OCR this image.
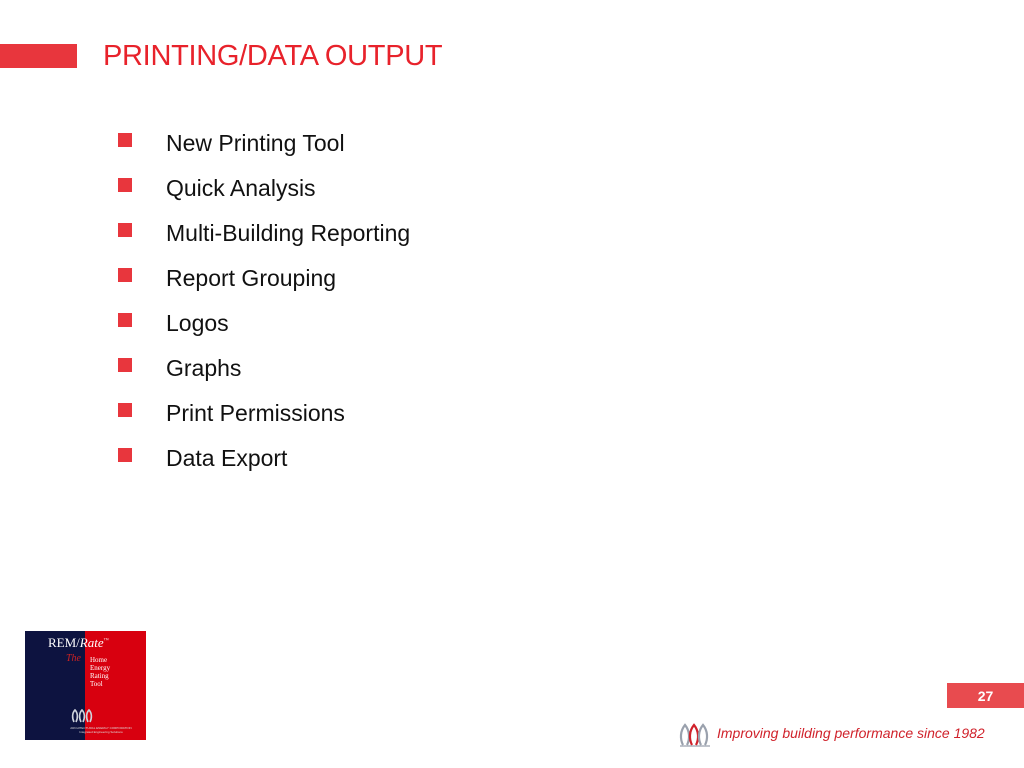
PRINTING/DATA OUTPUT
New Printing Tool
Quick Analysis
Multi-Building Reporting
Report Grouping
Logos
Graphs
Print Permissions
Data Export
REM/Rate™
The Home
Energy
Rating
Tool
ARCHITECTURAL ENERGY CORPORATION
Integrated Engineering Solutions
27
Improving building performance since 1982
